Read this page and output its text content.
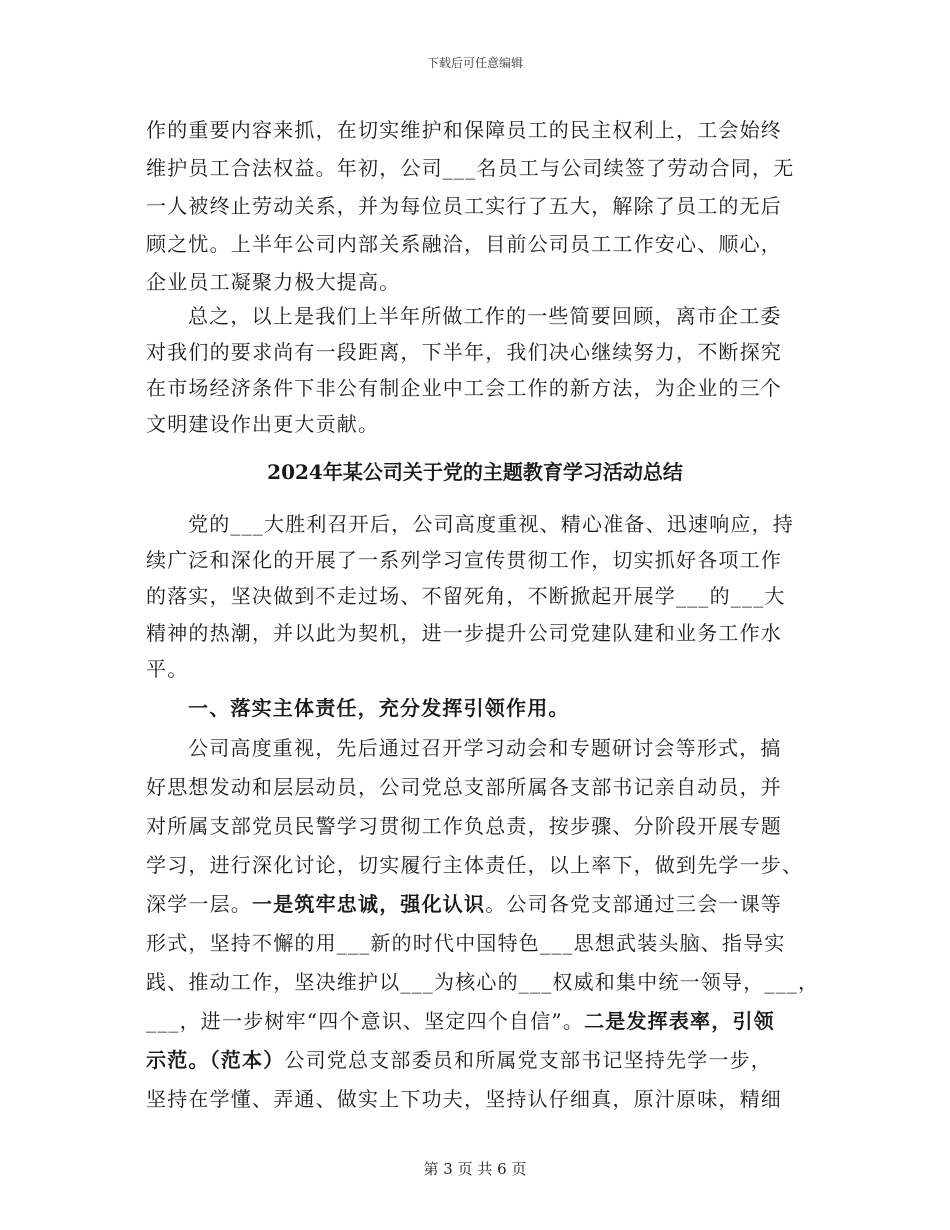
下载后可任意编辑
作的重要内容来抓，在切实维护和保障员工的民主权利上，工会始终
维护员工合法权益。年初，公司___名员工与公司续签了劳动合同，无
一人被终止劳动关系，并为每位员工实行了五大，解除了员工的无后
顾之忧。上半年公司内部关系融洽，目前公司员工工作安心、顺心，
企业员工凝聚力极大提高。
总之，以上是我们上半年所做工作的一些简要回顾，离市企工委
对我们的要求尚有一段距离，下半年，我们决心继续努力，不断探究
在市场经济条件下非公有制企业中工会工作的新方法，为企业的三个
文明建设作出更大贡献。
2024年某公司关于党的主题教育学习活动总结
党的___大胜利召开后，公司高度重视、精心准备、迅速响应，持
续广泛和深化的开展了一系列学习宣传贯彻工作，切实抓好各项工作
的落实，坚决做到不走过场、不留死角，不断掀起开展学___的___大
精神的热潮，并以此为契机，进一步提升公司党建队建和业务工作水
平。
一、落实主体责任，充分发挥引领作用。
公司高度重视，先后通过召开学习动会和专题研讨会等形式，搞
好思想发动和层层动员，公司党总支部所属各支部书记亲自动员，并
对所属支部党员民警学习贯彻工作负总责，按步骤、分阶段开展专题
学习，进行深化讨论，切实履行主体责任，以上率下，做到先学一步、
深学一层。一是筑牢忠诚，强化认识。公司各党支部通过三会一课等
形式，坚持不懈的用___新的时代中国特色___思想武装头脑、指导实
践、推动工作，坚决维护以___为核心的___权威和集中统一领导，___，
___，进一步树牢“四个意识、坚定四个自信”。二是发挥表率，引领
示范。（范本）公司党总支部委员和所属党支部书记坚持先学一步，
坚持在学懂、弄通、做实上下功夫，坚持认仔细真，原汁原味，精细
第 3 页 共 6 页
